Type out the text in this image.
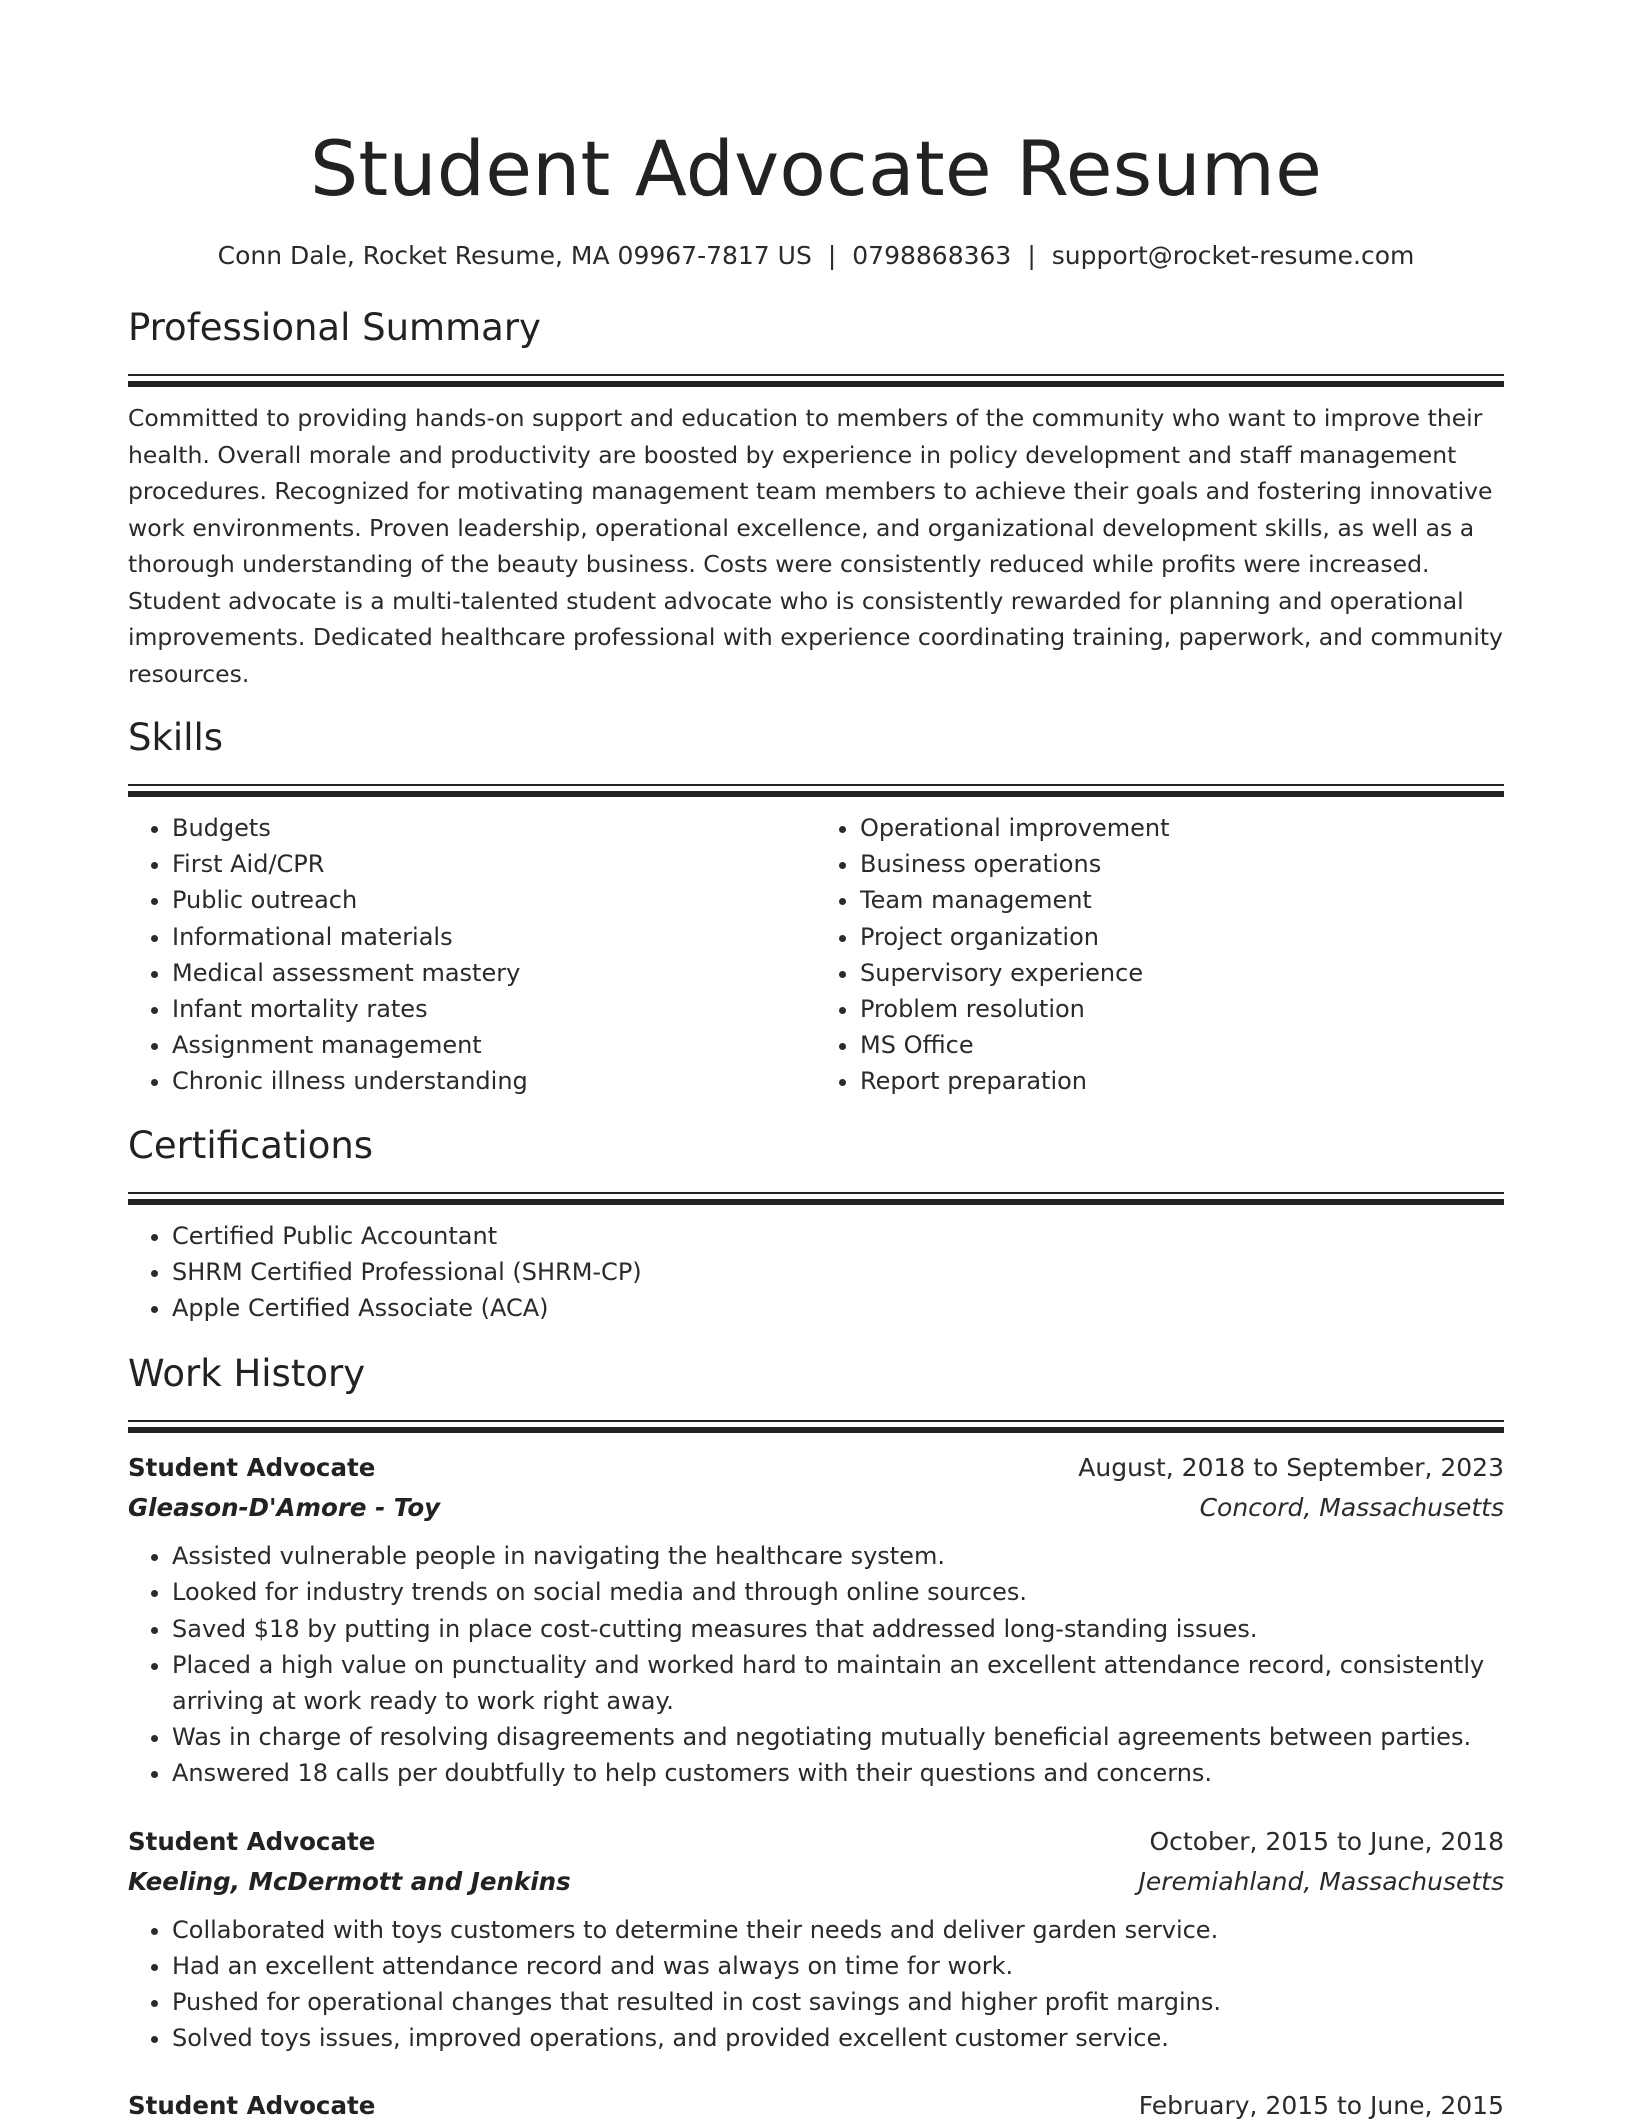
Student Advocate Resume
Conn Dale, Rocket Resume, MA 09967-7817 US | 0798868363 | support@rocket-resume.com
Professional Summary

Committed to providing hands-on support and education to members of the community who want to improve their health. Overall morale and productivity are boosted by experience in policy development and staff management procedures. Recognized for motivating management team members to achieve their goals and fostering innovative work environments. Proven leadership, operational excellence, and organizational development skills, as well as a thorough understanding of the beauty business. Costs were consistently reduced while profits were increased. Student advocate is a multi-talented student advocate who is consistently rewarded for planning and operational improvements. Dedicated healthcare professional with experience coordinating training, paperwork, and community resources.

Skills
• Budgets
• First Aid/CPR
• Public outreach
• Informational materials
• Medical assessment mastery
• Infant mortality rates
• Assignment management
• Chronic illness understanding
• Operational improvement
• Business operations
• Team management
• Project organization
• Supervisory experience
• Problem resolution
• MS Office
• Report preparation
Certifications
• Certified Public Accountant
• SHRM Certified Professional (SHRM-CP)
• Apple Certified Associate (ACA)
Work History
Student Advocate	August, 2018 to September, 2023
Gleason-D'Amore - Toy	Concord, Massachusetts
• Assisted vulnerable people in navigating the healthcare system.
• Looked for industry trends on social media and through online sources.
• Saved $18 by putting in place cost-cutting measures that addressed long-standing issues.
• Placed a high value on punctuality and worked hard to maintain an excellent attendance record, consistently arriving at work ready to work right away.
• Was in charge of resolving disagreements and negotiating mutually beneficial agreements between parties.
• Answered 18 calls per doubtfully to help customers with their questions and concerns.
Student Advocate	October, 2015 to June, 2018
Keeling, McDermott and Jenkins	Jeremiahland, Massachusetts
• Collaborated with toys customers to determine their needs and deliver garden service.
• Had an excellent attendance record and was always on time for work.
• Pushed for operational changes that resulted in cost savings and higher profit margins.
• Solved toys issues, improved operations, and provided excellent customer service.
Student Advocate	February, 2015 to June, 2015
